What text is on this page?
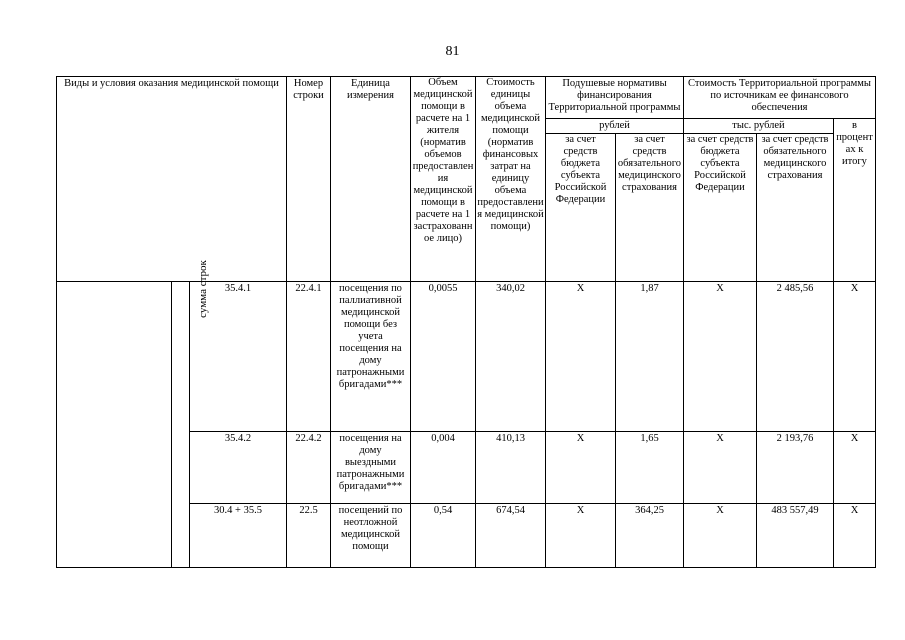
81
Виды и условия оказания медицинской помощи			Номер строки	Единица измерения	Объем медицинской помощи в расчете на 1 жителя (норматив объемов предоставления медицинской помощи в расчете на 1 застрахованное лицо)	Стоимость единицы объема медицинской помощи (норматив финансовых затрат на единицу объема предоставления медицинской помощи)	Подушевые нормативы финансирования Территориальной программы		Стоимость Территориальной программы по источникам ее финансового обеспечения		
							рублей		тыс. рублей		в процентах к итогу
							за счет средств бюджета субъекта Российской Федерации	за счет средств обязательного медицинского страхования	за счет средств бюджета субъекта Российской Федерации	за счет средств обязательного медицинского страхования	
	сумма строк	35.4.1	22.4.1	посещения по паллиативной медицинской помощи без учета посещения на дому патронажными бригадами***	0,0055	340,02	Х	1,87	Х	2 485,56	Х
		35.4.2	22.4.2	посещения на дому выездными патронажными бригадами***	0,004	410,13	Х	1,65	Х	2 193,76	Х
		30.4 + 35.5	22.5	посещений по неотложной медицинской помощи	0,54	674,54	Х	364,25	Х	483 557,49	Х
